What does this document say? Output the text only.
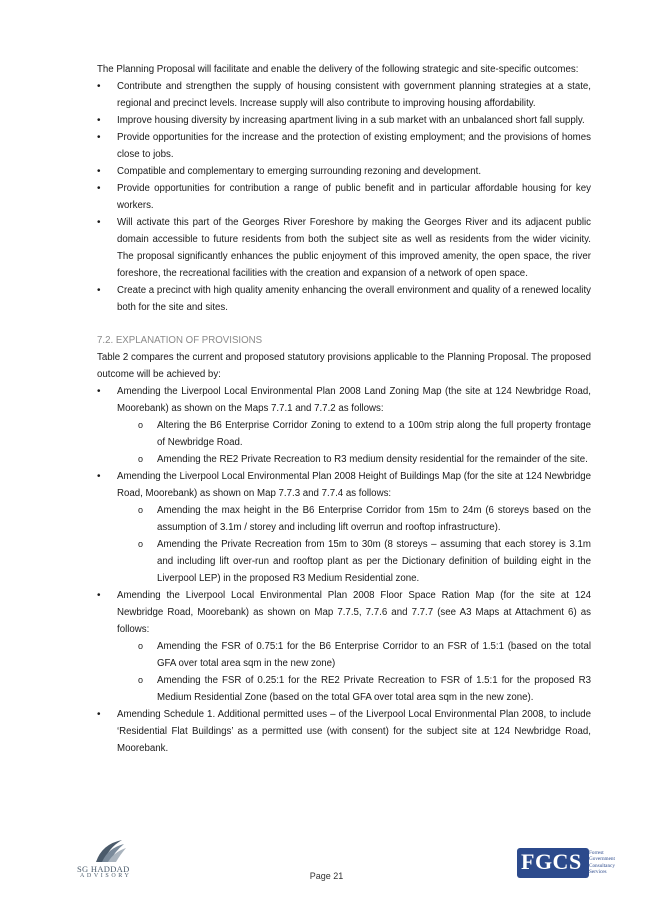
The Planning Proposal will facilitate and enable the delivery of the following strategic and site-specific outcomes:

• Contribute and strengthen the supply of housing consistent with government planning strategies at a state, regional and precinct levels. Increase supply will also contribute to improving housing affordability.
• Improve housing diversity by increasing apartment living in a sub market with an unbalanced short fall supply.
• Provide opportunities for the increase and the protection of existing employment; and the provisions of homes close to jobs.
• Compatible and complementary to emerging surrounding rezoning and development.
• Provide opportunities for contribution a range of public benefit and in particular affordable housing for key workers.
• Will activate this part of the Georges River Foreshore by making the Georges River and its adjacent public domain accessible to future residents from both the subject site as well as residents from the wider vicinity. The proposal significantly enhances the public enjoyment of this improved amenity, the open space, the river foreshore, the recreational facilities with the creation and expansion of a network of open space.
• Create a precinct with high quality amenity enhancing the overall environment and quality of a renewed locality both for the site and sites.

7.2. EXPLANATION OF PROVISIONS

Table 2 compares the current and proposed statutory provisions applicable to the Planning Proposal. The proposed outcome will be achieved by:

• Amending the Liverpool Local Environmental Plan 2008 Land Zoning Map (the site at 124 Newbridge Road, Moorebank) as shown on the Maps 7.7.1 and 7.7.2 as follows:
o Altering the B6 Enterprise Corridor Zoning to extend to a 100m strip along the full property frontage of Newbridge Road.
o Amending the RE2 Private Recreation to R3 medium density residential for the remainder of the site.
• Amending the Liverpool Local Environmental Plan 2008 Height of Buildings Map (for the site at 124 Newbridge Road, Moorebank) as shown on Map 7.7.3 and 7.7.4 as follows:
o Amending the max height in the B6 Enterprise Corridor from 15m to 24m (6 storeys based on the assumption of 3.1m / storey and including lift overrun and rooftop infrastructure).
o Amending the Private Recreation from 15m to 30m (8 storeys – assuming that each storey is 3.1m and including lift over-run and rooftop plant as per the Dictionary definition of building eight in the Liverpool LEP) in the proposed R3 Medium Residential zone.
• Amending the Liverpool Local Environmental Plan 2008 Floor Space Ration Map (for the site at 124 Newbridge Road, Moorebank) as shown on Map 7.7.5, 7.7.6 and 7.7.7 (see A3 Maps at Attachment 6) as follows:
o Amending the FSR of 0.75:1 for the B6 Enterprise Corridor to an FSR of 1.5:1 (based on the total GFA over total area sqm in the new zone)
o Amending the FSR of 0.25:1 for the RE2 Private Recreation to FSR of 1.5:1 for the proposed R3 Medium Residential Zone (based on the total GFA over total area sqm in the new zone).
• Amending Schedule 1. Additional permitted uses – of the Liverpool Local Environmental Plan 2008, to include ‘Residential Flat Buildings’ as a permitted use (with consent) for the subject site at 124 Newbridge Road, Moorebank.
SG HADDAD
ADVISORY	Page 21
FGCS Forrest
Government
Consultancy
Services
